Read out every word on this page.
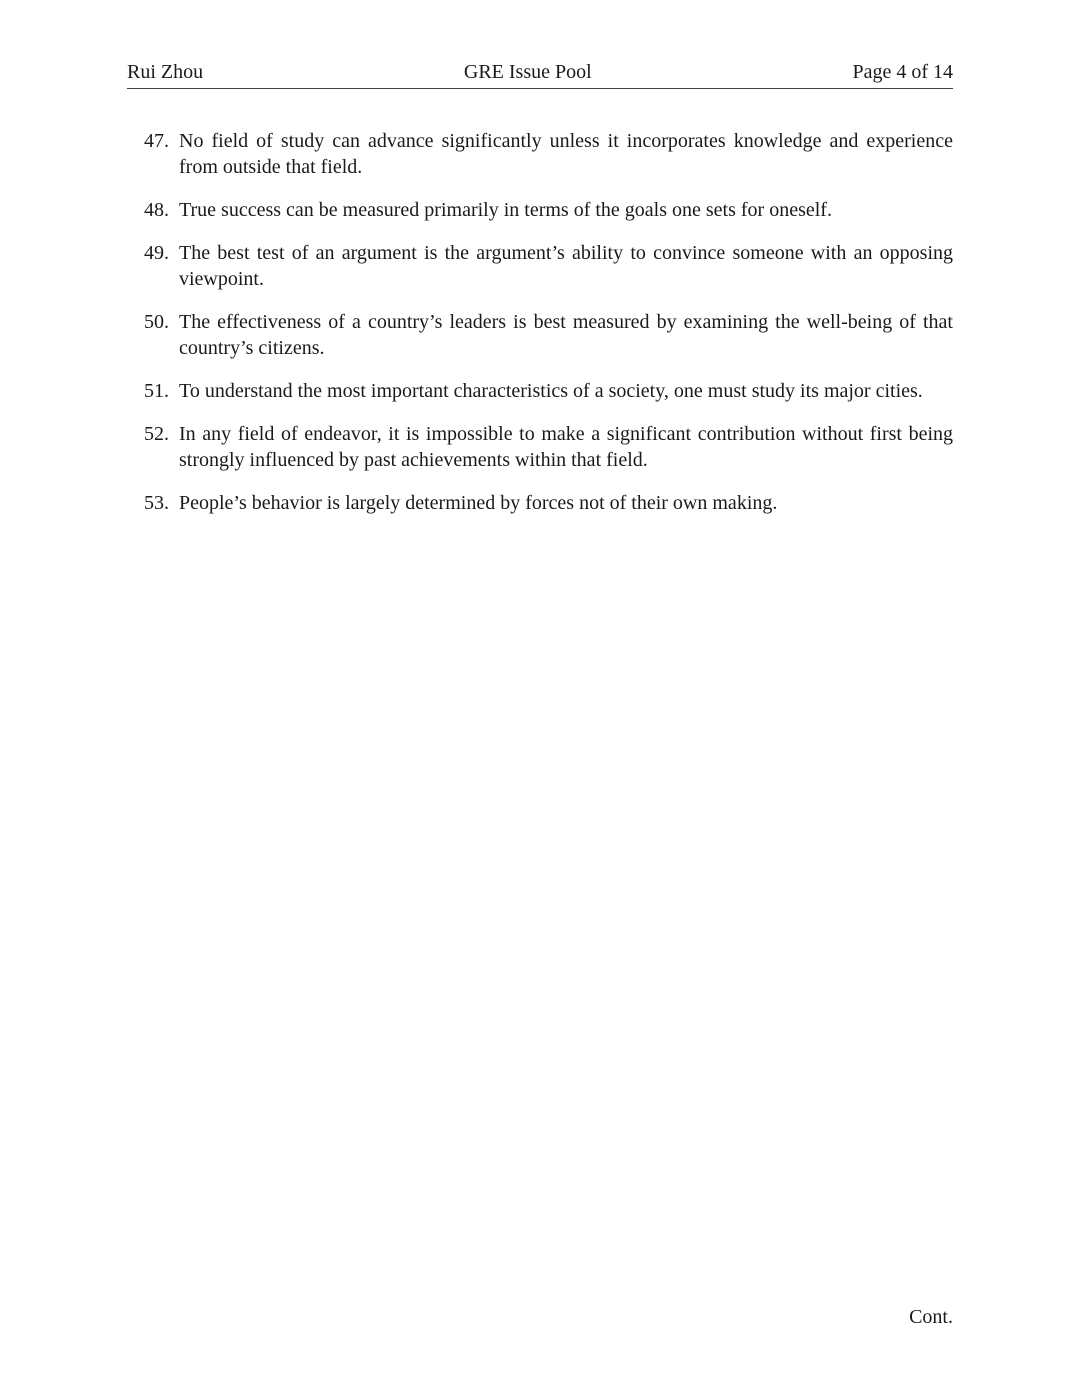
Rui Zhou	GRE Issue Pool	Page 4 of 14
47. No field of study can advance significantly unless it incorporates knowledge and experience from outside that field.
48. True success can be measured primarily in terms of the goals one sets for oneself.
49. The best test of an argument is the argument’s ability to convince someone with an opposing viewpoint.
50. The effectiveness of a country’s leaders is best measured by examining the well-being of that country’s citizens.
51. To understand the most important characteristics of a society, one must study its major cities.
52. In any field of endeavor, it is impossible to make a significant contribution without first being strongly influenced by past achievements within that field.
53. People’s behavior is largely determined by forces not of their own making.
Cont.
